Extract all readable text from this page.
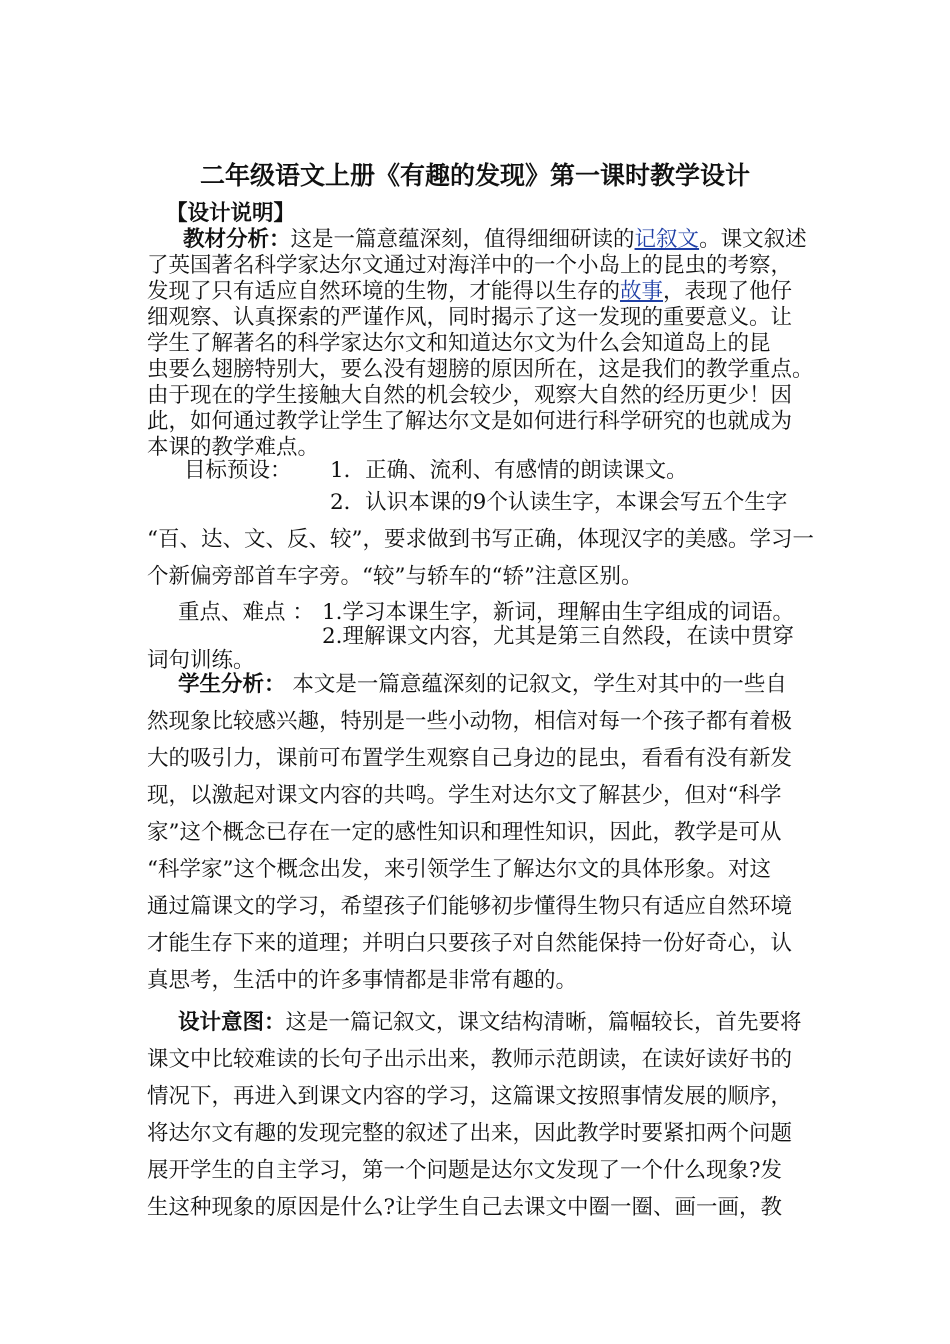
二年级语文上册《有趣的发现》第一课时教学设计
【设计说明】
教材分析：这是一篇意蕴深刻，值得细细研读的记叙文。课文叙述
了英国著名科学家达尔文通过对海洋中的一个小岛上的昆虫的考察，
发现了只有适应自然环境的生物，才能得以生存的故事，表现了他仔
细观察、认真探索的严谨作风，同时揭示了这一发现的重要意义。让
学生了解著名的科学家达尔文和知道达尔文为什么会知道岛上的昆
虫要么翅膀特别大，要么没有翅膀的原因所在，这是我们的教学重点。
由于现在的学生接触大自然的机会较少，观察大自然的经历更少！因
此，如何通过教学让学生了解达尔文是如何进行科学研究的也就成为
本课的教学难点。
目标预设： 1．正确、流利、有感情的朗读课文。
2．认识本课的9个认读生字，本课会写五个生字
“百、达、文、反、较”，要求做到书写正确，体现汉字的美感。学习一
个新偏旁部首车字旁。“较”与轿车的“轿”注意区别。
重点、难点 ： 1.学习本课生字，新词，理解由生字组成的词语。
2.理解课文内容，尤其是第三自然段，在读中贯穿
词句训练。
学生分析： 本文是一篇意蕴深刻的记叙文，学生对其中的一些自
然现象比较感兴趣，特别是一些小动物，相信对每一个孩子都有着极
大的吸引力，课前可布置学生观察自己身边的昆虫，看看有没有新发
现，以激起对课文内容的共鸣。学生对达尔文了解甚少，但对“科学
家”这个概念已存在一定的感性知识和理性知识，因此，教学是可从
“科学家”这个概念出发，来引领学生了解达尔文的具体形象。对这
通过篇课文的学习，希望孩子们能够初步懂得生物只有适应自然环境
才能生存下来的道理；并明白只要孩子对自然能保持一份好奇心，认
真思考，生活中的许多事情都是非常有趣的。
设计意图：这是一篇记叙文，课文结构清晰，篇幅较长，首先要将
课文中比较难读的长句子出示出来，教师示范朗读，在读好读好书的
情况下，再进入到课文内容的学习，这篇课文按照事情发展的顺序，
将达尔文有趣的发现完整的叙述了出来，因此教学时要紧扣两个问题
展开学生的自主学习，第一个问题是达尔文发现了一个什么现象?发
生这种现象的原因是什么?让学生自己去课文中圈一圈、画一画，教
